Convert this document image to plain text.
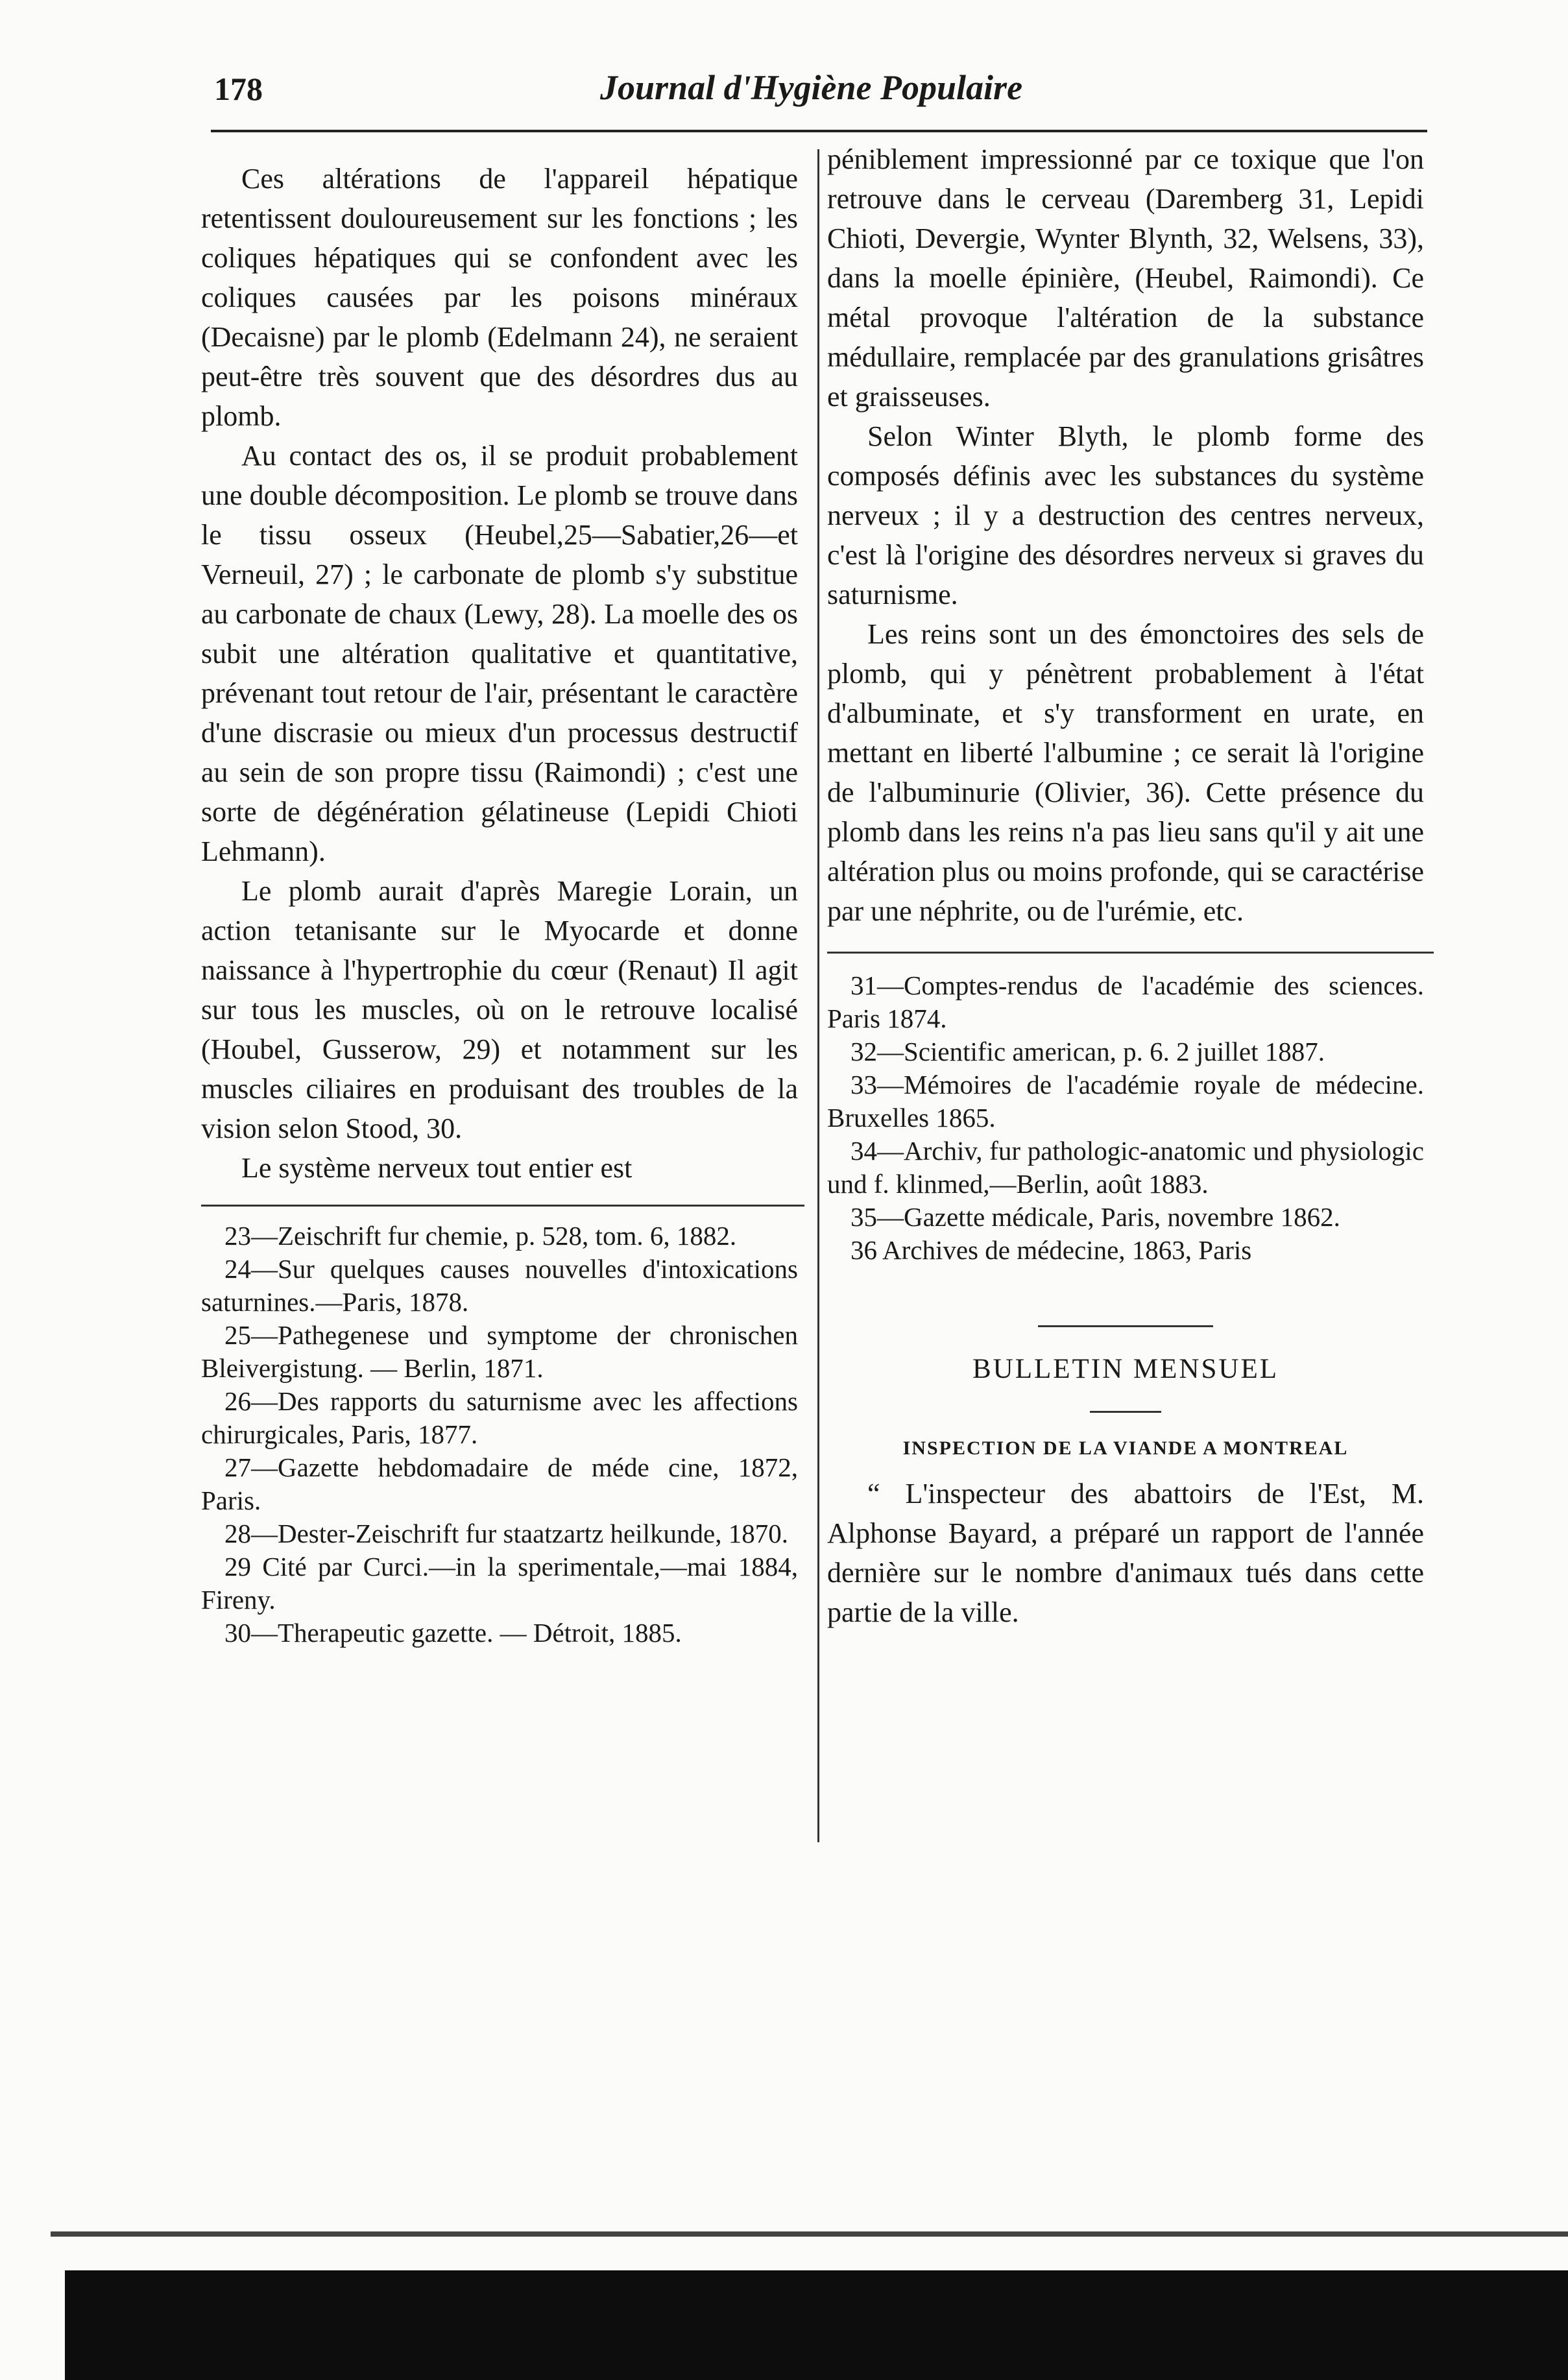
178	Journal d'Hygiène Populaire

Ces altérations de l'appareil hépatique retentissent douloureusement sur les fonctions ; les coliques hépatiques qui se confondent avec les coliques causées par les poisons minéraux (Decaisne) par le plomb (Edelmann 24), ne seraient peut-être très souvent que des désordres dus au plomb.

Au contact des os, il se produit probablement une double décomposition. Le plomb se trouve dans le tissu osseux (Heubel,25—Sabatier,26—et Verneuil, 27) ; le carbonate de plomb s'y substitue au carbonate de chaux (Lewy, 28). La moelle des os subit une altération qualitative et quantitative, prévenant tout retour de l'air, présentant le caractère d'une discrasie ou mieux d'un processus destructif au sein de son propre tissu (Raimondi) ; c'est une sorte de dégénération gélatineuse (Lepidi Chioti Lehmann).

Le plomb aurait d'après Maregie Lorain, un action tetanisante sur le Myocarde et donne naissance à l'hypertrophie du cœur (Renaut) Il agit sur tous les muscles, où on le retrouve localisé (Houbel, Gusserow, 29) et notamment sur les muscles ciliaires en produisant des troubles de la vision selon Stood, 30.

Le système nerveux tout entier est

23—Zeischrift fur chemie, p. 528, tom. 6, 1882.

24—Sur quelques causes nouvelles d'intoxications saturnines.—Paris, 1878.

25—Pathegenese und symptome der chronischen Bleivergistung. — Berlin, 1871.

26—Des rapports du saturnisme avec les affections chirurgicales, Paris, 1877.

27—Gazette hebdomadaire de méde cine, 1872, Paris.

28—Dester-Zeischrift fur staatzartz heilkunde, 1870.

29 Cité par Curci.—in la sperimentale,—mai 1884, Fireny.

30—Therapeutic gazette. — Détroit, 1885.

péniblement impressionné par ce toxique que l'on retrouve dans le cerveau (Daremberg 31, Lepidi Chioti, Devergie, Wynter Blynth, 32, Welsens, 33), dans la moelle épinière, (Heubel, Raimondi). Ce métal provoque l'altération de la substance médullaire, remplacée par des granulations grisâtres et graisseuses.

Selon Winter Blyth, le plomb forme des composés définis avec les substances du système nerveux ; il y a destruction des centres nerveux, c'est là l'origine des désordres nerveux si graves du saturnisme.

Les reins sont un des émonctoires des sels de plomb, qui y pénètrent probablement à l'état d'albuminate, et s'y transforment en urate, en mettant en liberté l'albumine ; ce serait là l'origine de l'albuminurie (Olivier, 36). Cette présence du plomb dans les reins n'a pas lieu sans qu'il y ait une altération plus ou moins profonde, qui se caractérise par une néphrite, ou de l'urémie, etc.

31—Comptes-rendus de l'académie des sciences. Paris 1874.

32—Scientific american, p. 6. 2 juillet 1887.

33—Mémoires de l'académie royale de médecine. Bruxelles 1865.

34—Archiv, fur pathologic-anatomic und physiologic und f. klinmed,—Berlin, août 1883.

35—Gazette médicale, Paris, novembre 1862.

36 Archives de médecine, 1863, Paris

BULLETIN MENSUEL

INSPECTION DE LA VIANDE A MONTREAL

“ L'inspecteur des abattoirs de l'Est, M. Alphonse Bayard, a préparé un rapport de l'année dernière sur le nombre d'animaux tués dans cette partie de la ville.
